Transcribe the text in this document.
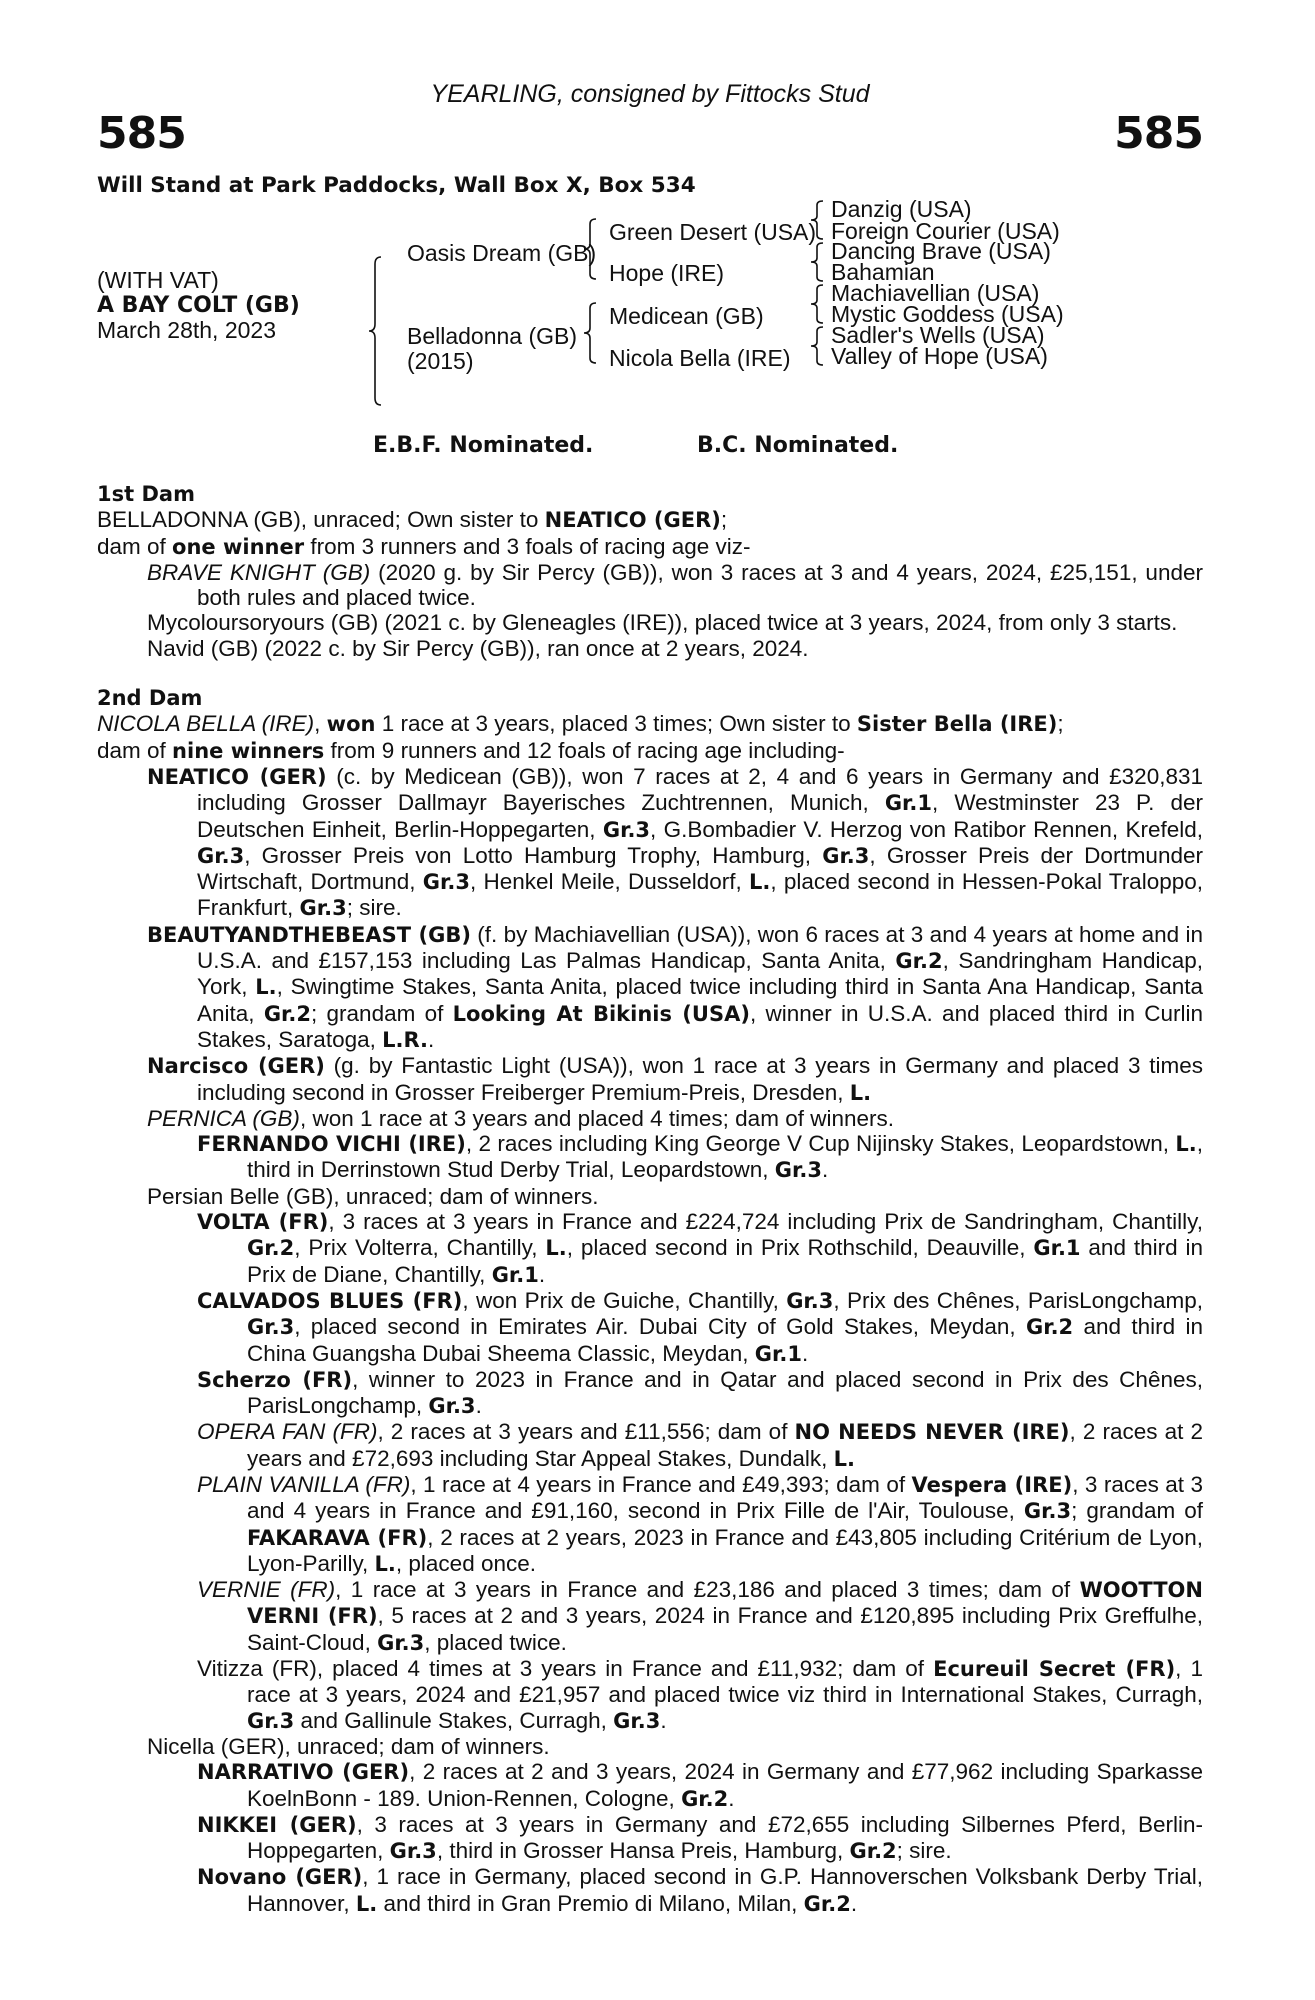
YEARLING, consigned by Fittocks Stud
585	585
Will Stand at Park Paddocks, Wall Box X, Box 534
(WITH VAT)
A BAY COLT (GB)
March 28th, 2023
Oasis Dream (GB)
Belladonna (GB)
(2015)
Green Desert (USA)
Hope (IRE)
Medicean (GB)
Nicola Bella (IRE)
Danzig (USA)
Foreign Courier (USA)
Dancing Brave (USA)
Bahamian
Machiavellian (USA)
Mystic Goddess (USA)
Sadler's Wells (USA)
Valley of Hope (USA)
E.B.F. Nominated.	B.C. Nominated.
1st Dam
BELLADONNA (GB), unraced; Own sister to NEATICO (GER);
dam of one winner from 3 runners and 3 foals of racing age viz-
BRAVE KNIGHT (GB) (2020 g. by Sir Percy (GB)), won 3 races at 3 and 4 years, 2024, £25,151, under both rules and placed twice.
Mycoloursoryours (GB) (2021 c. by Gleneagles (IRE)), placed twice at 3 years, 2024, from only 3 starts.
Navid (GB) (2022 c. by Sir Percy (GB)), ran once at 2 years, 2024.
2nd Dam
NICOLA BELLA (IRE), won 1 race at 3 years, placed 3 times; Own sister to Sister Bella (IRE);
dam of nine winners from 9 runners and 12 foals of racing age including-
NEATICO (GER) (c. by Medicean (GB)), won 7 races at 2, 4 and 6 years in Germany and £320,831 including Grosser Dallmayr Bayerisches Zuchtrennen, Munich, Gr.1, Westminster 23 P. der Deutschen Einheit, Berlin-Hoppegarten, Gr.3, G.Bombadier V. Herzog von Ratibor Rennen, Krefeld, Gr.3, Grosser Preis von Lotto Hamburg Trophy, Hamburg, Gr.3, Grosser Preis der Dortmunder Wirtschaft, Dortmund, Gr.3, Henkel Meile, Dusseldorf, L., placed second in Hessen-Pokal Traloppo, Frankfurt, Gr.3; sire.
BEAUTYANDTHEBEAST (GB) (f. by Machiavellian (USA)), won 6 races at 3 and 4 years at home and in U.S.A. and £157,153 including Las Palmas Handicap, Santa Anita, Gr.2, Sandringham Handicap, York, L., Swingtime Stakes, Santa Anita, placed twice including third in Santa Ana Handicap, Santa Anita, Gr.2; grandam of Looking At Bikinis (USA), winner in U.S.A. and placed third in Curlin Stakes, Saratoga, L.R..
Narcisco (GER) (g. by Fantastic Light (USA)), won 1 race at 3 years in Germany and placed 3 times including second in Grosser Freiberger Premium-Preis, Dresden, L.
PERNICA (GB), won 1 race at 3 years and placed 4 times; dam of winners.
FERNANDO VICHI (IRE), 2 races including King George V Cup Nijinsky Stakes, Leopardstown, L., third in Derrinstown Stud Derby Trial, Leopardstown, Gr.3.
Persian Belle (GB), unraced; dam of winners.
VOLTA (FR), 3 races at 3 years in France and £224,724 including Prix de Sandringham, Chantilly, Gr.2, Prix Volterra, Chantilly, L., placed second in Prix Rothschild, Deauville, Gr.1 and third in Prix de Diane, Chantilly, Gr.1.
CALVADOS BLUES (FR), won Prix de Guiche, Chantilly, Gr.3, Prix des Chênes, ParisLongchamp, Gr.3, placed second in Emirates Air. Dubai City of Gold Stakes, Meydan, Gr.2 and third in China Guangsha Dubai Sheema Classic, Meydan, Gr.1.
Scherzo (FR), winner to 2023 in France and in Qatar and placed second in Prix des Chênes, ParisLongchamp, Gr.3.
OPERA FAN (FR), 2 races at 3 years and £11,556; dam of NO NEEDS NEVER (IRE), 2 races at 2 years and £72,693 including Star Appeal Stakes, Dundalk, L.
PLAIN VANILLA (FR), 1 race at 4 years in France and £49,393; dam of Vespera (IRE), 3 races at 3 and 4 years in France and £91,160, second in Prix Fille de l'Air, Toulouse, Gr.3; grandam of FAKARAVA (FR), 2 races at 2 years, 2023 in France and £43,805 including Critérium de Lyon, Lyon-Parilly, L., placed once.
VERNIE (FR), 1 race at 3 years in France and £23,186 and placed 3 times; dam of WOOTTON VERNI (FR), 5 races at 2 and 3 years, 2024 in France and £120,895 including Prix Greffulhe, Saint-Cloud, Gr.3, placed twice.
Vitizza (FR), placed 4 times at 3 years in France and £11,932; dam of Ecureuil Secret (FR), 1 race at 3 years, 2024 and £21,957 and placed twice viz third in International Stakes, Curragh, Gr.3 and Gallinule Stakes, Curragh, Gr.3.
Nicella (GER), unraced; dam of winners.
NARRATIVO (GER), 2 races at 2 and 3 years, 2024 in Germany and £77,962 including Sparkasse KoelnBonn - 189. Union-Rennen, Cologne, Gr.2.
NIKKEI (GER), 3 races at 3 years in Germany and £72,655 including Silbernes Pferd, Berlin-Hoppegarten, Gr.3, third in Grosser Hansa Preis, Hamburg, Gr.2; sire.
Novano (GER), 1 race in Germany, placed second in G.P. Hannoverschen Volksbank Derby Trial, Hannover, L. and third in Gran Premio di Milano, Milan, Gr.2.
